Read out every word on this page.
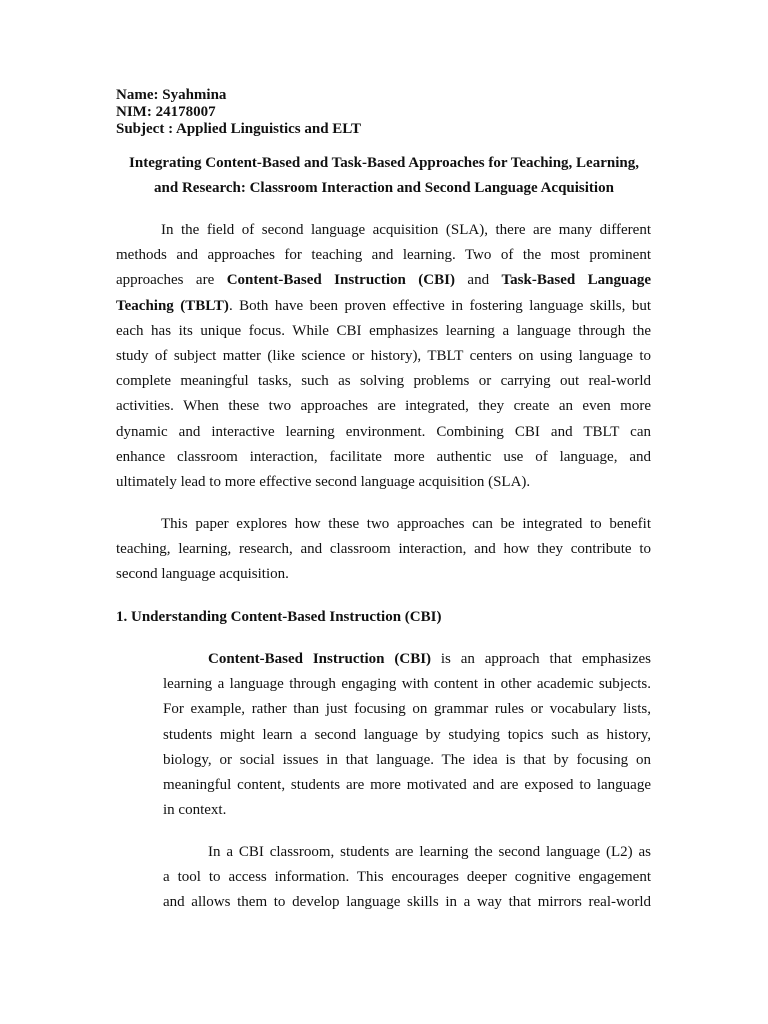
Name: Syahmina
NIM: 24178007
Subject : Applied Linguistics and ELT
Integrating Content-Based and Task-Based Approaches for Teaching, Learning,
and Research: Classroom Interaction and Second Language Acquisition
In the field of second language acquisition (SLA), there are many different
methods and approaches for teaching and learning. Two of the most prominent
approaches are Content-Based Instruction (CBI) and Task-Based Language
Teaching (TBLT). Both have been proven effective in fostering language skills, but
each has its unique focus. While CBI emphasizes learning a language through the
study of subject matter (like science or history), TBLT centers on using language to
complete meaningful tasks, such as solving problems or carrying out real-world
activities. When these two approaches are integrated, they create an even more
dynamic and interactive learning environment. Combining CBI and TBLT can
enhance classroom interaction, facilitate more authentic use of language, and
ultimately lead to more effective second language acquisition (SLA).
This paper explores how these two approaches can be integrated to benefit
teaching, learning, research, and classroom interaction, and how they contribute to
second language acquisition.
1. Understanding Content-Based Instruction (CBI)
Content-Based Instruction (CBI) is an approach that emphasizes
learning a language through engaging with content in other academic subjects.
For example, rather than just focusing on grammar rules or vocabulary lists,
students might learn a second language by studying topics such as history,
biology, or social issues in that language. The idea is that by focusing on
meaningful content, students are more motivated and are exposed to language
in context.
In a CBI classroom, students are learning the second language (L2) as
a tool to access information. This encourages deeper cognitive engagement
and allows them to develop language skills in a way that mirrors real-world
